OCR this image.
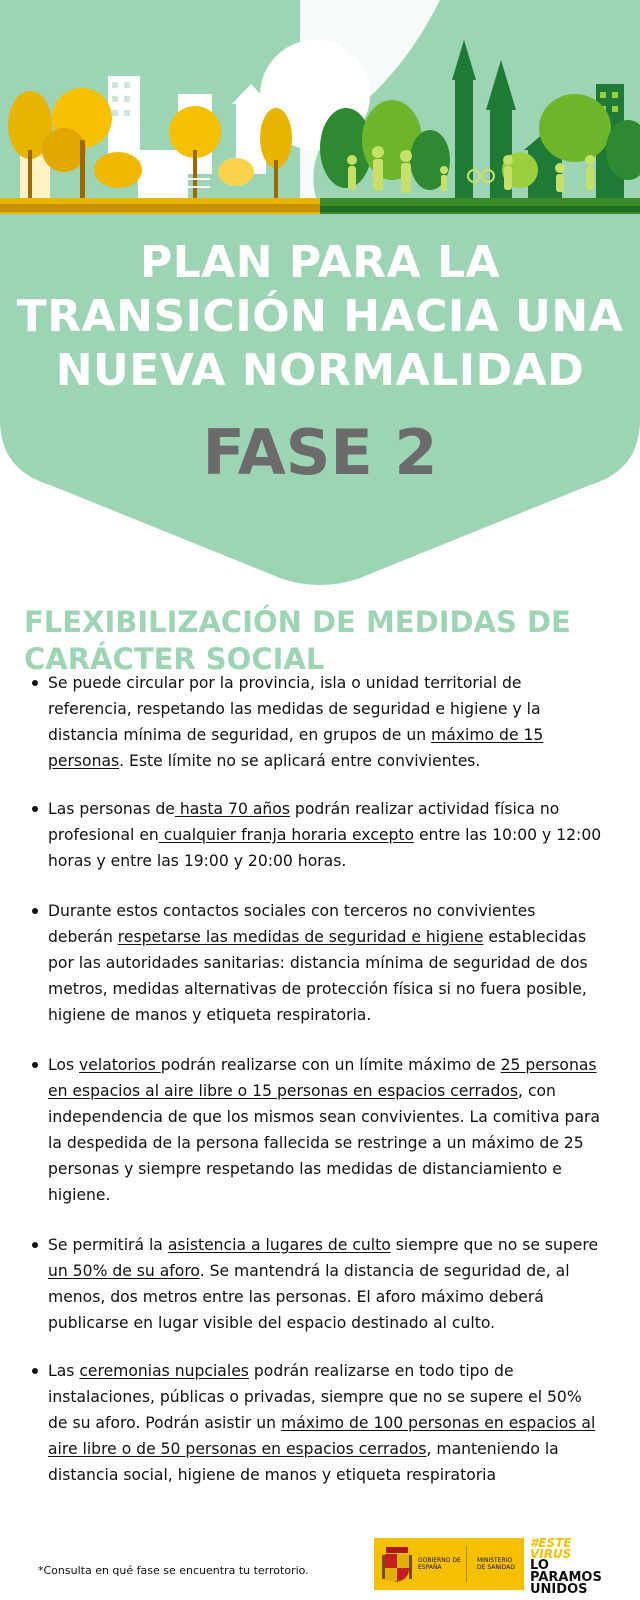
PLAN PARA LA
TRANSICIÓN HACIA UNA
NUEVA NORMALIDAD
FASE 2
FLEXIBILIZACIÓN DE MEDIDAS DE
CARÁCTER SOCIAL
Se puede circular por la provincia, isla o unidad territorial de
referencia, respetando las medidas de seguridad e higiene y la
distancia mínima de seguridad, en grupos de un máximo de 15
personas. Este límite no se aplicará entre convivientes.
Las personas de hasta 70 años podrán realizar actividad física no
profesional en cualquier franja horaria excepto entre las 10:00 y 12:00
horas y entre las 19:00 y 20:00 horas.
Durante estos contactos sociales con terceros no convivientes
deberán respetarse las medidas de seguridad e higiene establecidas
por las autoridades sanitarias: distancia mínima de seguridad de dos
metros, medidas alternativas de protección física si no fuera posible,
higiene de manos y etiqueta respiratoria.
Los velatorios podrán realizarse con un límite máximo de 25 personas
en espacios al aire libre o 15 personas en espacios cerrados, con
independencia de que los mismos sean convivientes. La comitiva para
la despedida de la persona fallecida se restringe a un máximo de 25
personas y siempre respetando las medidas de distanciamiento e
higiene.
Se permitirá la asistencia a lugares de culto siempre que no se supere
un 50% de su aforo. Se mantendrá la distancia de seguridad de, al
menos, dos metros entre las personas. El aforo máximo deberá
publicarse en lugar visible del espacio destinado al culto.
Las ceremonias nupciales podrán realizarse en todo tipo de
instalaciones, públicas o privadas, siempre que no se supere el 50%
de su aforo. Podrán asistir un máximo de 100 personas en espacios al
aire libre o de 50 personas en espacios cerrados, manteniendo la
distancia social, higiene de manos y etiqueta respiratoria
*Consulta en qué fase se encuentra tu terrotorio.
GOBIERNO DE ESPAÑA
MINISTERIO DE SANIDAD
#ESTE
VIRUS
LO
PARAMOS
UNIDOS
